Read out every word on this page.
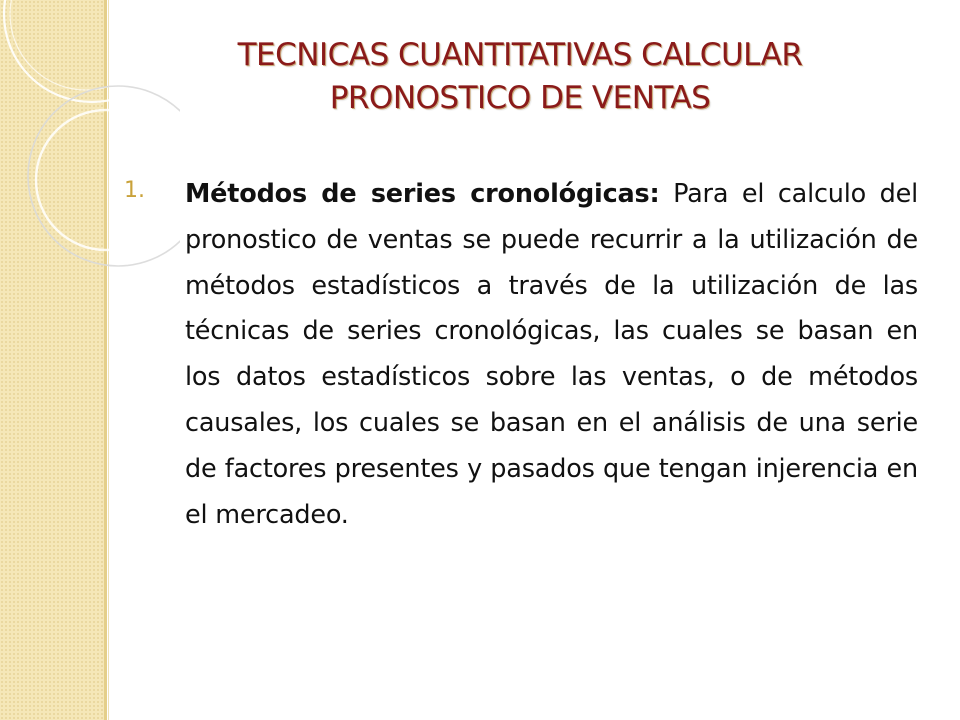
TECNICAS CUANTITATIVAS CALCULAR
PRONOSTICO DE VENTAS
1. Métodos de series cronológicas: Para el calculo del pronostico de ventas se puede recurrir a la utilización de métodos estadísticos a través de la utilización de las técnicas de series cronológicas, las cuales se basan en los datos estadísticos sobre las ventas, o de métodos causales, los cuales se basan en el análisis de una serie de factores presentes y pasados que tengan injerencia en el mercadeo.
